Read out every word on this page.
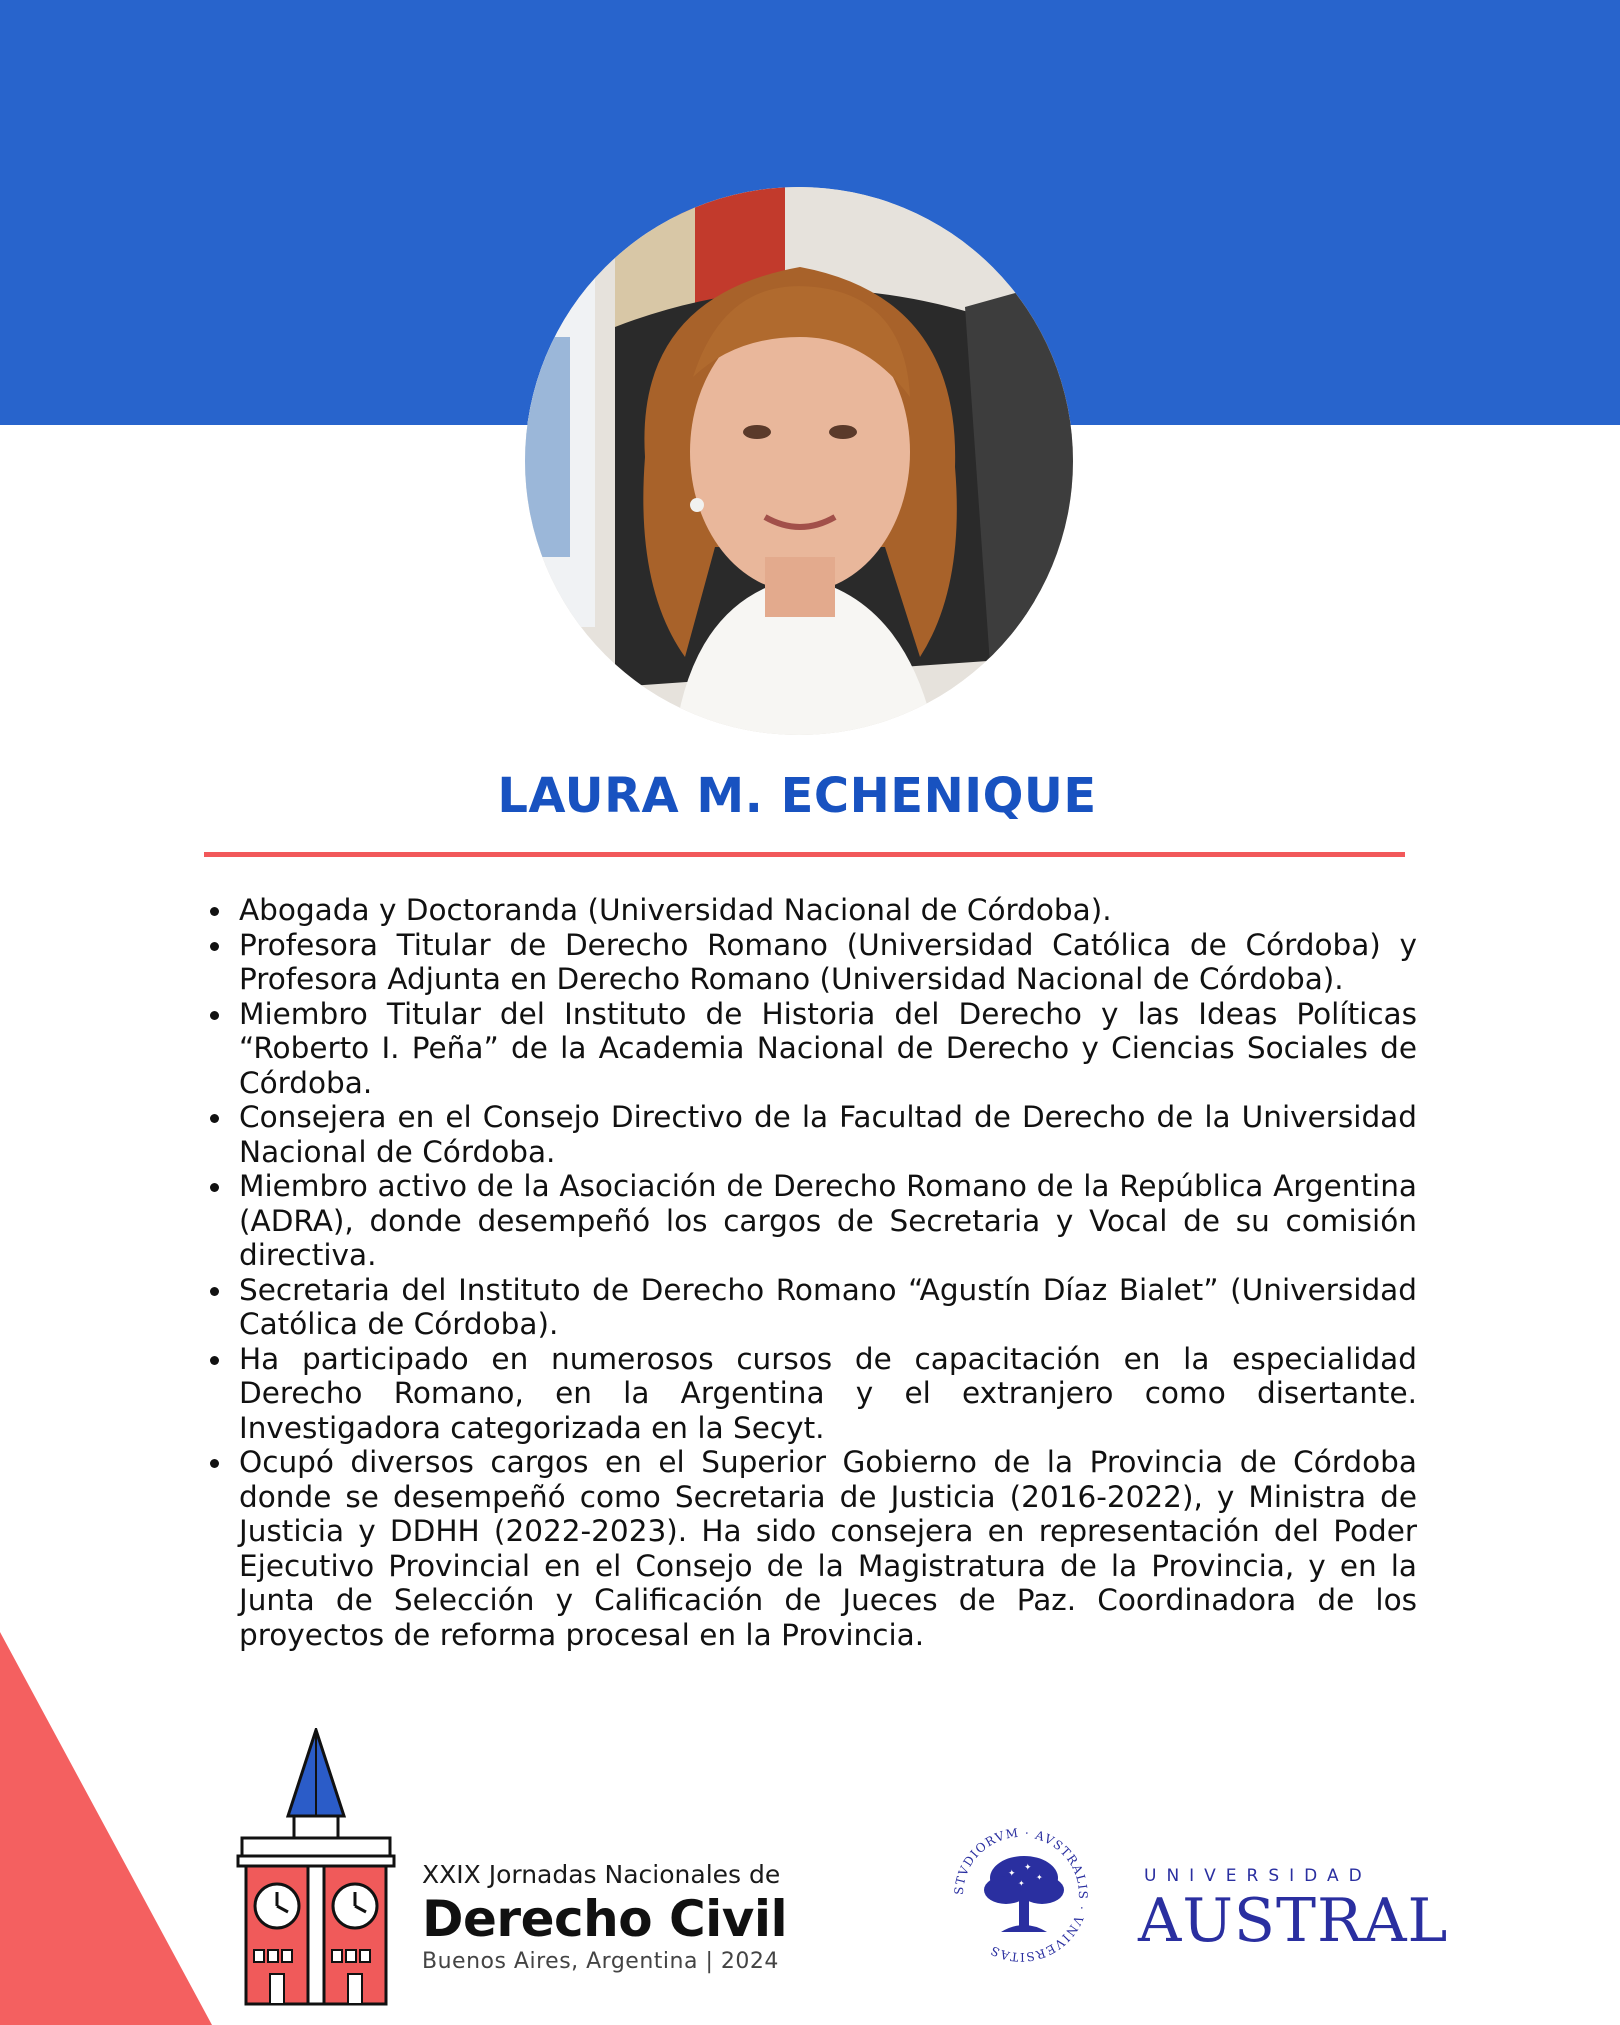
LAURA M. ECHENIQUE
Abogada y Doctoranda (Universidad Nacional de Córdoba).
Profesora Titular de Derecho Romano (Universidad Católica de Córdoba) y Profesora Adjunta en Derecho Romano (Universidad Nacional de Córdoba).
Miembro Titular del Instituto de Historia del Derecho y las Ideas Políticas “Roberto I. Peña” de la Academia Nacional de Derecho y Ciencias Sociales de Córdoba.
Consejera en el Consejo Directivo de la Facultad de Derecho de la Universidad Nacional de Córdoba.
Miembro activo de la Asociación de Derecho Romano de la República Argentina (ADRA), donde desempeñó los cargos de Secretaria y Vocal de su comisión directiva.
Secretaria del Instituto de Derecho Romano “Agustín Díaz Bialet” (Universidad Católica de Córdoba).
Ha participado en numerosos cursos de capacitación en la especialidad Derecho Romano, en la Argentina y el extranjero como disertante. Investigadora categorizada en la Secyt.
Ocupó diversos cargos en el Superior Gobierno de la Provincia de Córdoba donde se desempeñó como Secretaria de Justicia (2016-2022), y Ministra de Justicia y DDHH (2022-2023). Ha sido consejera en representación del Poder Ejecutivo Provincial en el Consejo de la Magistratura de la Provincia, y en la Junta de Selección y Calificación de Jueces de Paz. Coordinadora de los proyectos de reforma procesal en la Provincia.
XXIX Jornadas Nacionales de
Derecho Civil
Buenos Aires, Argentina | 2024
STVDIORVM · AVSTRALIS · VNIVERSITAS
✦
✦
✦
✦	UNIVERSIDAD
AUSTRAL
